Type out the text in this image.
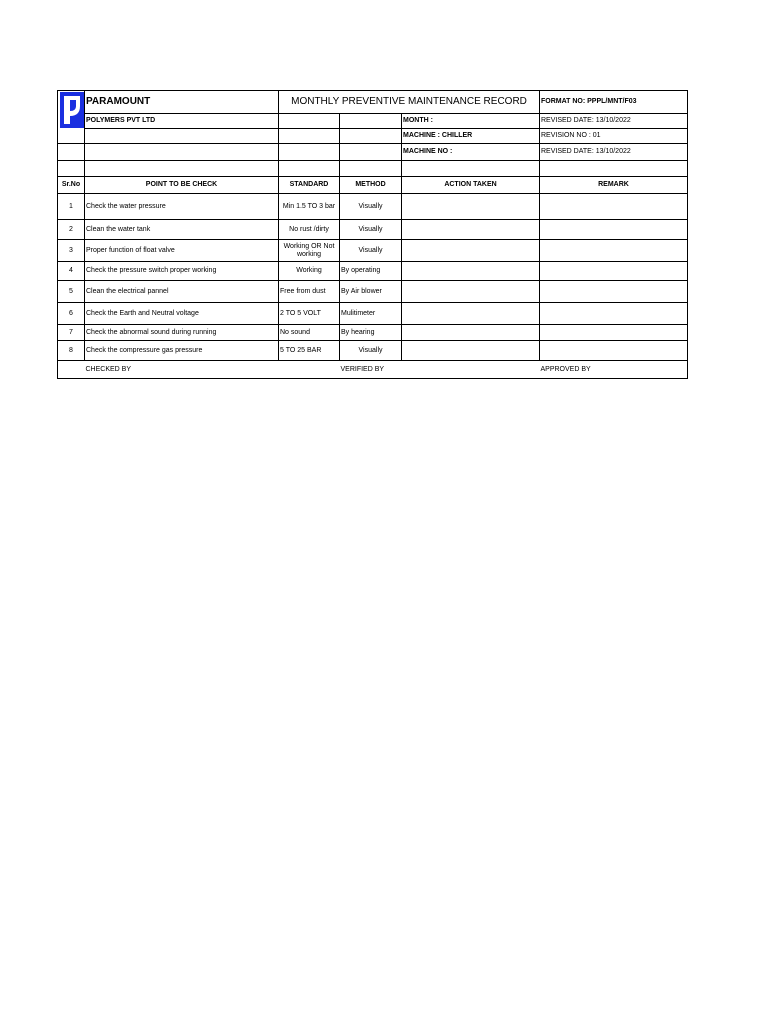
	PARAMOUNT	MONTHLY PREVENTIVE MAINTENANCE RECORD			FORMAT NO: PPPL/MNT/F03
	POLYMERS PVT LTD			MONTH :	REVISED DATE: 13/10/2022
				MACHINE : CHILLER	REVISION NO : 01
				MACHINE NO :	REVISED DATE: 13/10/2022

Sr.No	POINT TO BE CHECK	STANDARD	METHOD	ACTION TAKEN	REMARK
1	Check the water pressure	Min 1.5 TO 3 bar	Visually		
2	Clean the water tank	No rust /dirty	Visually		
3	Proper function of float valve	Working OR Not working	Visually		
4	Check the pressure switch proper working	Working	By operating		
5	Clean the electrical pannel	Free from dust	By Air blower		
6	Check the Earth and Neutral voltage	2 TO 5 VOLT	Mulitimeter		
7	Check the abnormal sound during running	No sound	By hearing		
8	Check the compressure gas pressure	5 TO 25 BAR	Visually		
	CHECKED BY		VERIFIED BY		APPROVED BY
